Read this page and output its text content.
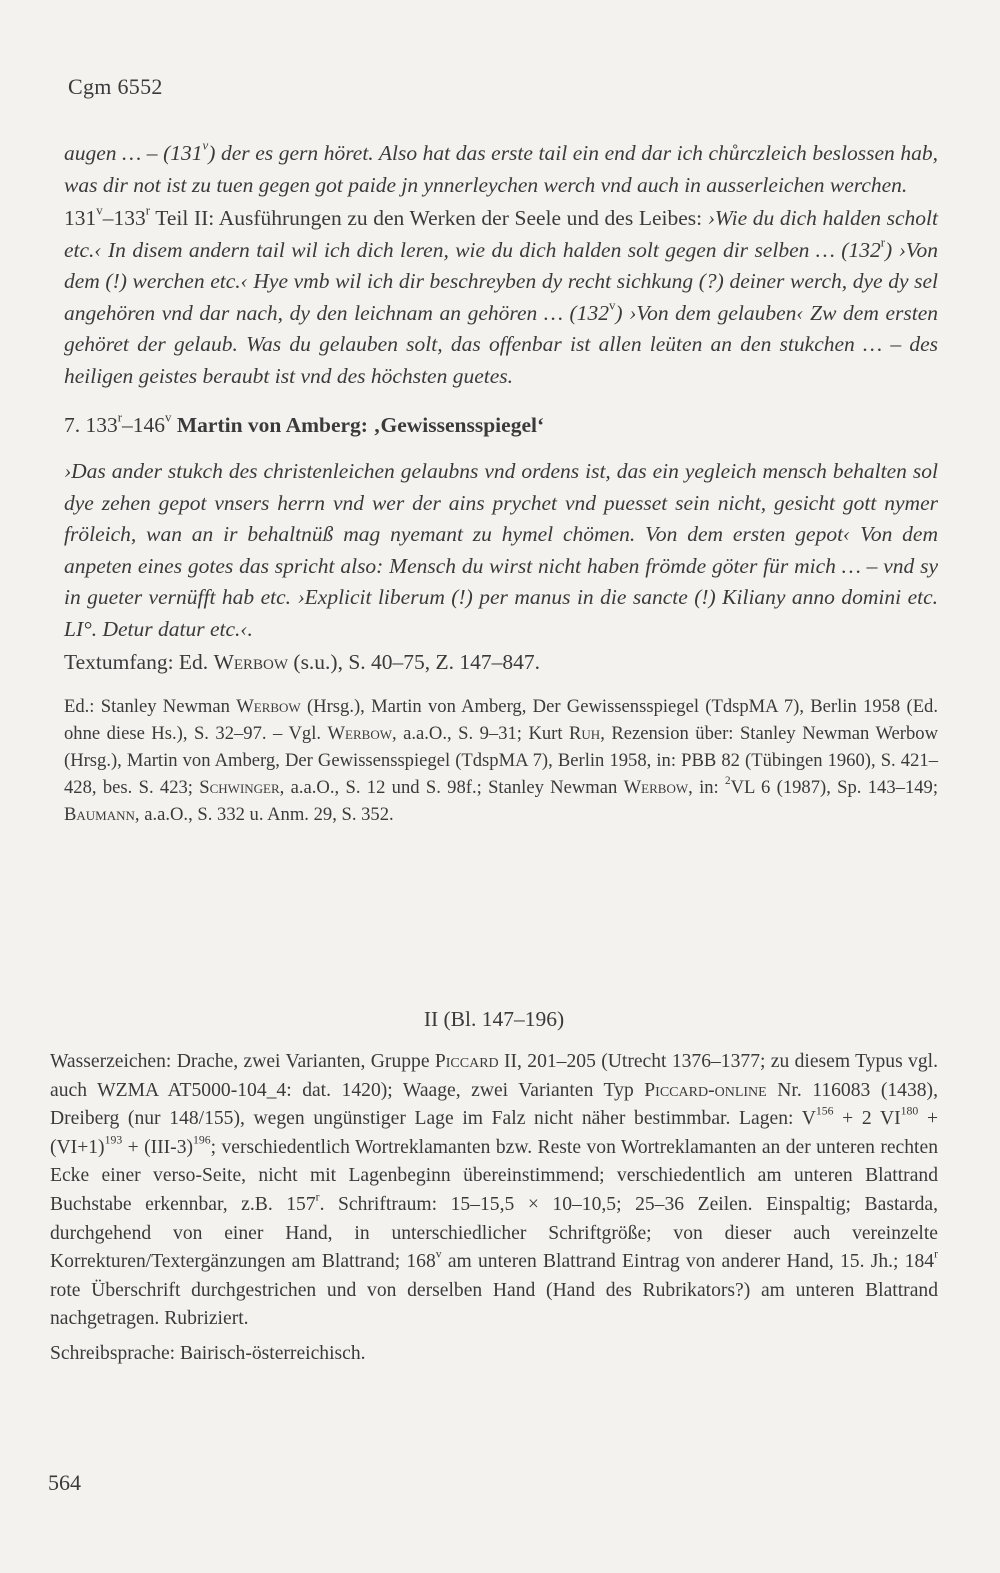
Cgm 6552

augen … – (131$^v$) der es gern höret. Also hat das erste tail ein end dar ich chůrczleich beslossen hab, was dir not ist zu tuen gegen got paide jn ynnerleychen werch vnd auch in ausserleichen werchen.

131$^v$–133$^r$ Teil II: Ausführungen zu den Werken der Seele und des Leibes: ›Wie du dich halden scholt etc.‹ In disem andern tail wil ich dich leren, wie du dich halden solt gegen dir selben … (132$^r$) ›Von dem (!) werchen etc.‹ Hye vmb wil ich dir beschreyben dy recht sichkung (?) deiner werch, dye dy sel angehören vnd dar nach, dy den leichnam an gehören … (132$^v$) ›Von dem gelauben‹ Zw dem ersten gehöret der gelaub. Was du gelauben solt, das offenbar ist allen leüten an den stukchen … – des heiligen geistes beraubt ist vnd des höchsten guetes.

7. 133$^r$–146$^v$ Martin von Amberg: ‚Gewissensspiegel‘

›Das ander stukch des christenleichen gelaubns vnd ordens ist, das ein yegleich mensch behalten sol dye zehen gepot vnsers herrn vnd wer der ains prychet vnd puesset sein nicht, gesicht gott nymer fröleich, wan an ir behaltnüß mag nyemant zu hymel chömen. Von dem ersten gepot‹ Von dem anpeten eines gotes das spricht also: Mensch du wirst nicht haben frömde göter für mich … – vnd sy in gueter vernüfft hab etc. ›Explicit liberum (!) per manus in die sancte (!) Kiliany anno domini etc. LI°. Detur datur etc.‹.

Textumfang: Ed. Werbow (s.u.), S. 40–75, Z. 147–847.

Ed.: Stanley Newman Werbow (Hrsg.), Martin von Amberg, Der Gewissensspiegel (TdspMA 7), Berlin 1958 (Ed. ohne diese Hs.), S. 32–97. – Vgl. Werbow, a.a.O., S. 9–31; Kurt Ruh, Rezension über: Stanley Newman Werbow (Hrsg.), Martin von Amberg, Der Gewissensspiegel (TdspMA 7), Berlin 1958, in: PBB 82 (Tübingen 1960), S. 421–428, bes. S. 423; Schwinger, a.a.O., S. 12 und S. 98f.; Stanley Newman Werbow, in: $^2$VL 6 (1987), Sp. 143–149; Baumann, a.a.O., S. 332 u. Anm. 29, S. 352.

II (Bl. 147–196)

Wasserzeichen: Drache, zwei Varianten, Gruppe Piccard II, 201–205 (Utrecht 1376–1377; zu diesem Typus vgl. auch WZMA AT5000-104_4: dat. 1420); Waage, zwei Varianten Typ Piccard-online Nr. 116083 (1438), Dreiberg (nur 148/155), wegen ungünstiger Lage im Falz nicht näher bestimmbar. Lagen: $V^{156} + 2$ $VI^{180} + (VI+1)^{193} + (III-3)^{196}$; verschiedentlich Wortreklamanten bzw. Reste von Wortreklamanten an der unteren rechten Ecke einer verso-Seite, nicht mit Lagenbeginn übereinstimmend; verschiedentlich am unteren Blattrand Buchstabe erkennbar, z.B. 157$^r$. Schriftraum: 15–15,5 × 10–10,5; 25–36 Zeilen. Einspaltig; Bastarda, durchgehend von einer Hand, in unterschiedlicher Schriftgröße; von dieser auch vereinzelte Korrekturen/Textergänzungen am Blattrand; 168$^v$ am unteren Blattrand Eintrag von anderer Hand, 15. Jh.; 184$^r$ rote Überschrift durchgestrichen und von derselben Hand (Hand des Rubrikators?) am unteren Blattrand nachgetragen. Rubriziert.

Schreibsprache: Bairisch-österreichisch.

564
